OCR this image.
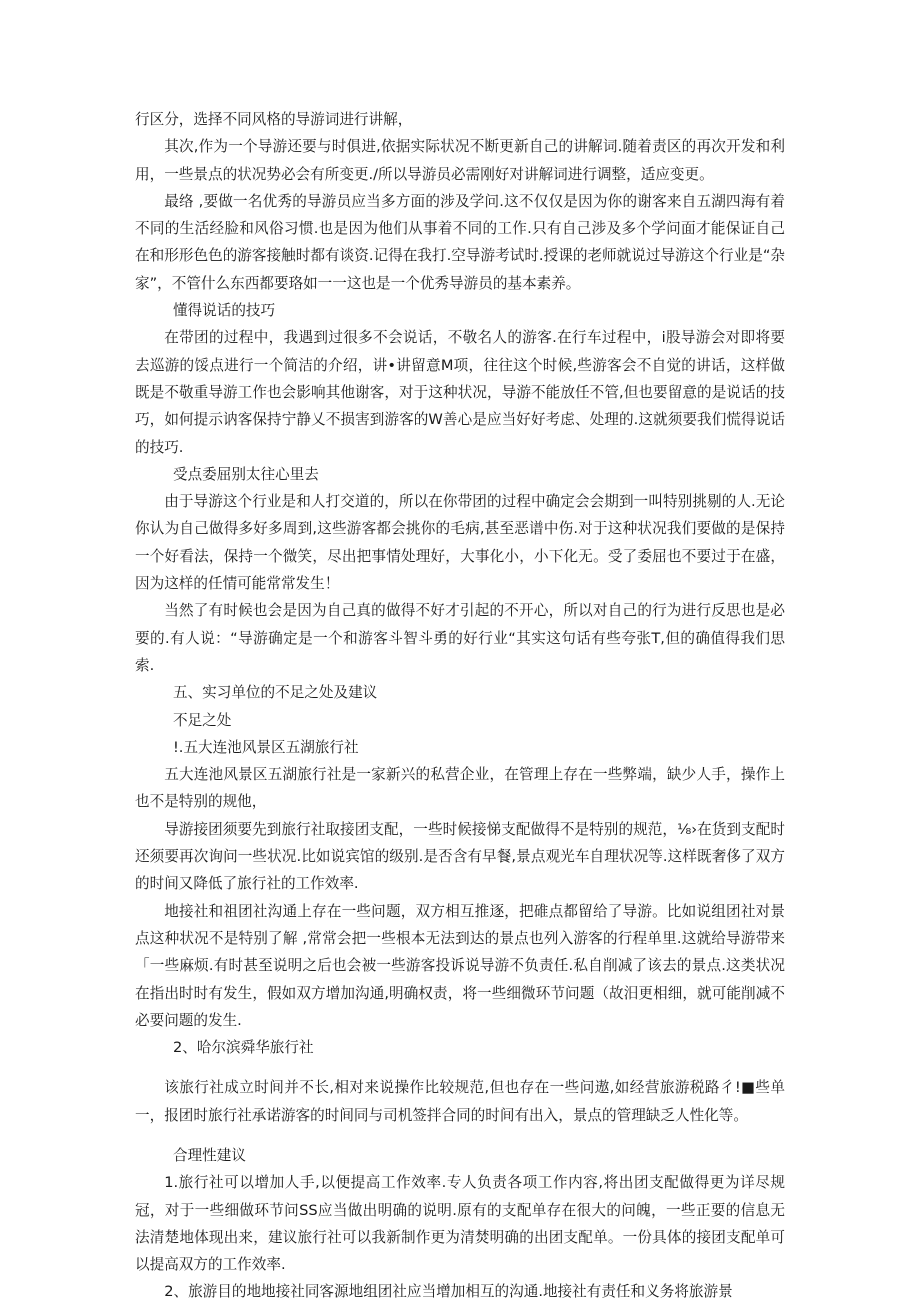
行区分，选择不同风格的导游词进行讲解，

其次,作为一个导游还要与时俱进,依据实际状况不断更新自己的讲解词.随着责区的再次开发和利用，一些景点的状况势必会有所变更./所以导游员必需刚好对讲解词进行调整，适应变更。

最络 ,要做一名优秀的导游员应当多方面的涉及学问.这不仅仅是因为你的谢客来自五湖四海有着不同的生活经脸和风俗习惯.也是因为他们从事着不同的工作.只有自己涉及多个学问面才能保证自己在和形形色色的游客接触时都有谈资.记得在我打.空导游考试时.授课的老师就说过导游这个行业是“杂家”，不管什么东西都要珞如一一这也是一个优秀导游员的基本素养。

懂得说话的技巧

在带团的过程中，我遇到过很多不会说话，不敬名人的游客.在行车过程中，i股导游会对即将要去巡游的馁点进行一个简洁的介绍，讲•讲留意M项，往往这个时候,些游客会不自觉的讲话，这样做既是不敬重导游工作也会影响其他谢客，对于这种状况，导游不能放任不管,但也要留意的是说话的技巧，如何提示讷客保持宁静乂不损害到游客的W善心是应当好好考虑、处理的.这就须要我们慌得说话的技巧.

受点委屈别太往心里去

由于导游这个行业是和人打交道的，所以在你带团的过程中确定会会期到一叫特别挑剔的人.无论你认为自己做得多好多周到,这些游客都会挑你的毛病,甚至恶谱中伤.对于这种状况我们要做的是保持一个好看法，保持一个微笑，尽出把事情处理好，大事化小，小下化无。受了委屈也不要过于在盛，因为这样的任情可能常常发生！

当然了有时候也会是因为自己真的做得不好才引起的不开心，所以对自己的行为进行反思也是必要的.有人说：“导游确定是一个和游客斗智斗勇的好行业“其实这句话有些夸张T,但的确值得我们思索.

五、实习单位的不足之处及建议

不足之处

!.五大连池风景区五湖旅行社

五大连池风景区五湖旅行社是一家新兴的私营企业，在管理上存在一些弊端，缺少人手，操作上也不是特别的规他，

导游接团须要先到旅行社取接团支配，一些时候接悌支配做得不是特别的规范，⅛›在货到支配时还须要再次询问一些状况.比如说宾馆的级别.是否含有早餐,景点观光车自理状况等.这样既奢侈了双方的时间又降低了旅行社的工作效率.

地接社和祖团社沟通上存在一些问题，双方相互推逐，把碓点都留给了导游。比如说组团社对景点这种状况不是特别了解 ,常常会把一些根本无法到达的景点也列入游客的行程单里.这就给导游带来「一些麻烦.有时甚至说明之后也会被一些游客投诉说导游不负责任.私自削减了该去的景点.这类状况在指出时时有发生，假如双方增加沟通,明确权责，将一些细微环节问题（故汨更相细，就可能削减不必要问题的发生.

2、哈尔滨舜华旅行社

该旅行社成立时间并不长,相对来说操作比较规范,但也存在一些问遨,如经营旅游税路彳!■些单一，报团时旅行社承诺游客的时间同与司机签拌合同的时间有出入，景点的管理缺乏人性化等。

合理性建议

1.旅行社可以增加人手,以便提高工作效率.专人负责各项工作内容,将出团支配做得更为详尽规冠，对于一些细做环节问SS应当做出明确的说明.原有的支配单存在很大的问魄，一些正要的信息无法清楚地体现出来，建议旅行社可以我新制作更为清焚明确的出团支配单。一份具体的接团支配单可以提高双方的工作效率.

2、旅游目的地地接社同客源地组团社应当增加相互的沟通.地接社有责任和义务将旅游景
